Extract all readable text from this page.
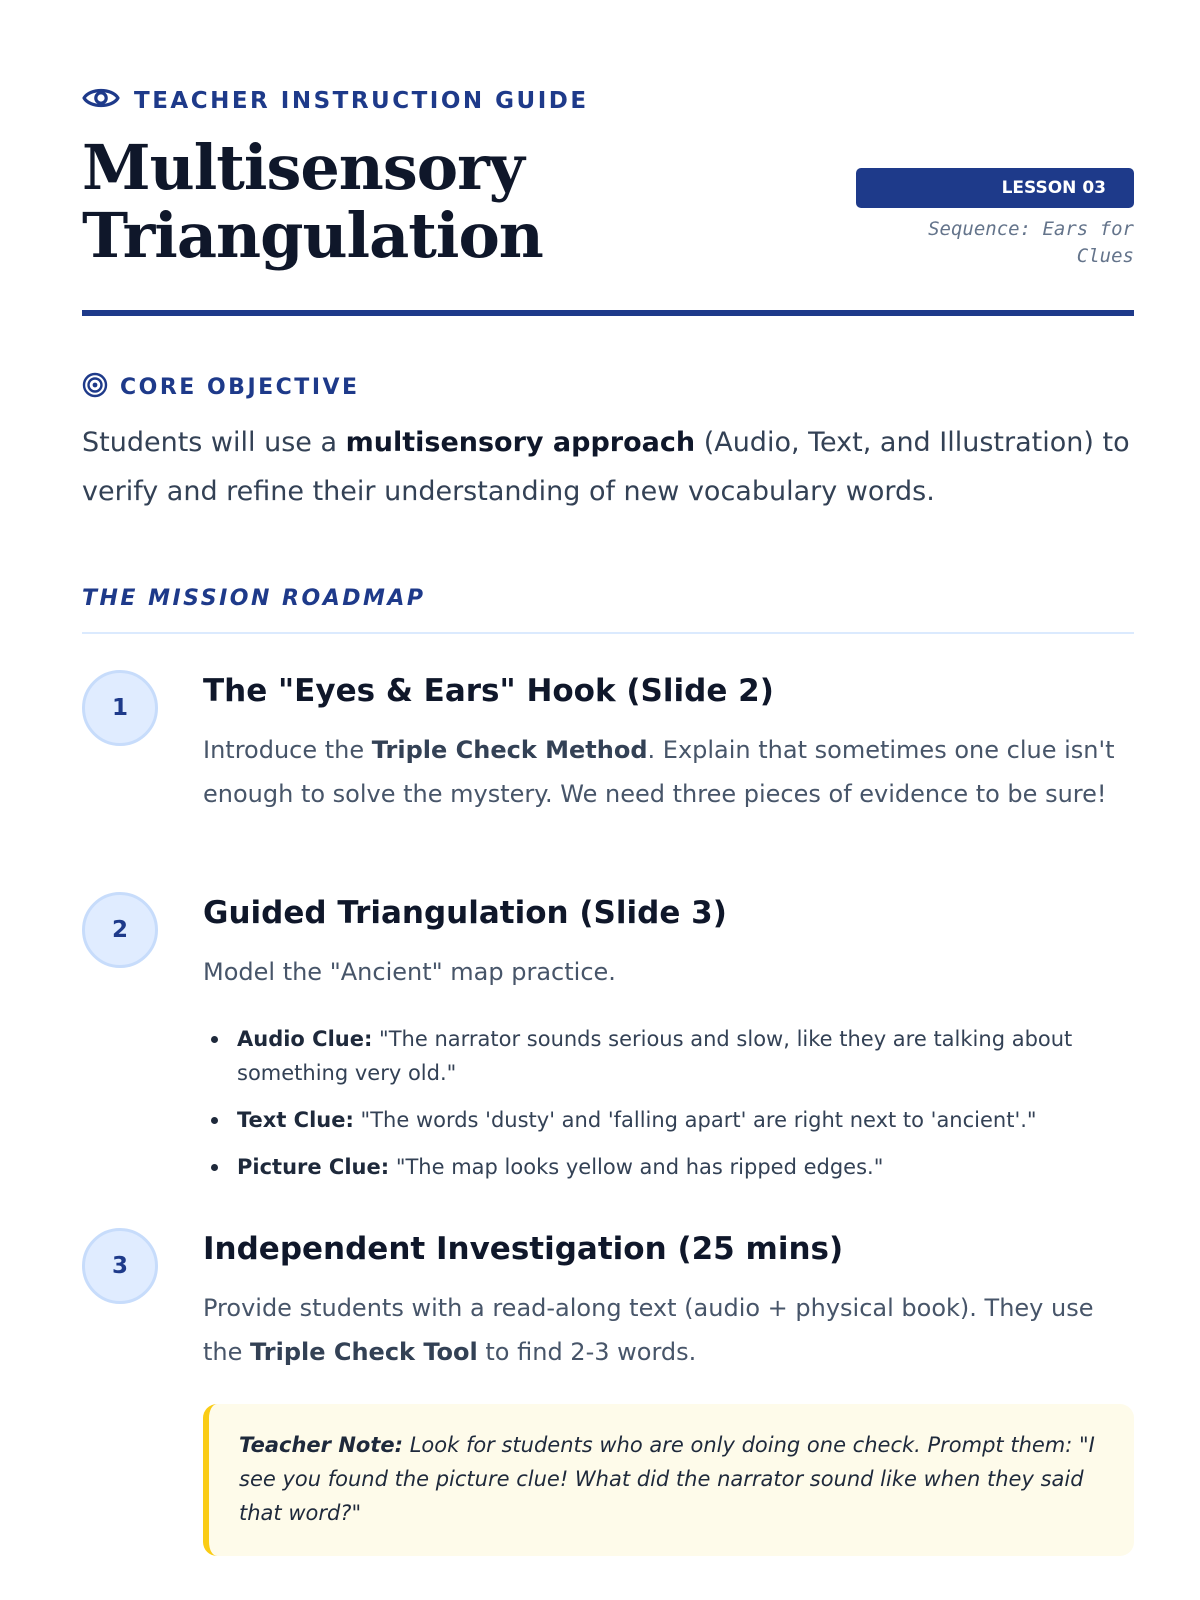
TEACHER INSTRUCTION GUIDE
Multisensory
Triangulation
LESSON 03
Sequence: Ears for
Clues
CORE OBJECTIVE

Students will use a multisensory approach (Audio, Text, and Illustration) to verify and refine their understanding of new vocabulary words.

THE MISSION ROADMAP
1	The "Eyes & Ears" Hook (Slide 2)

Introduce the Triple Check Method. Explain that sometimes one clue isn't enough to solve the mystery. We need three pieces of evidence to be sure!

2	Guided Triangulation (Slide 3)

Model the "Ancient" map practice.

Audio Clue: "The narrator sounds serious and slow, like they are talking about something very old."
Text Clue: "The words 'dusty' and 'falling apart' are right next to 'ancient'."
Picture Clue: "The map looks yellow and has ripped edges."
3	Independent Investigation (25 mins)

Provide students with a read-along text (audio + physical book). They use the Triple Check Tool to find 2-3 words.

Teacher Note: Look for students who are only doing one check. Prompt them: "I see you found the picture clue! What did the narrator sound like when they said that word?"
